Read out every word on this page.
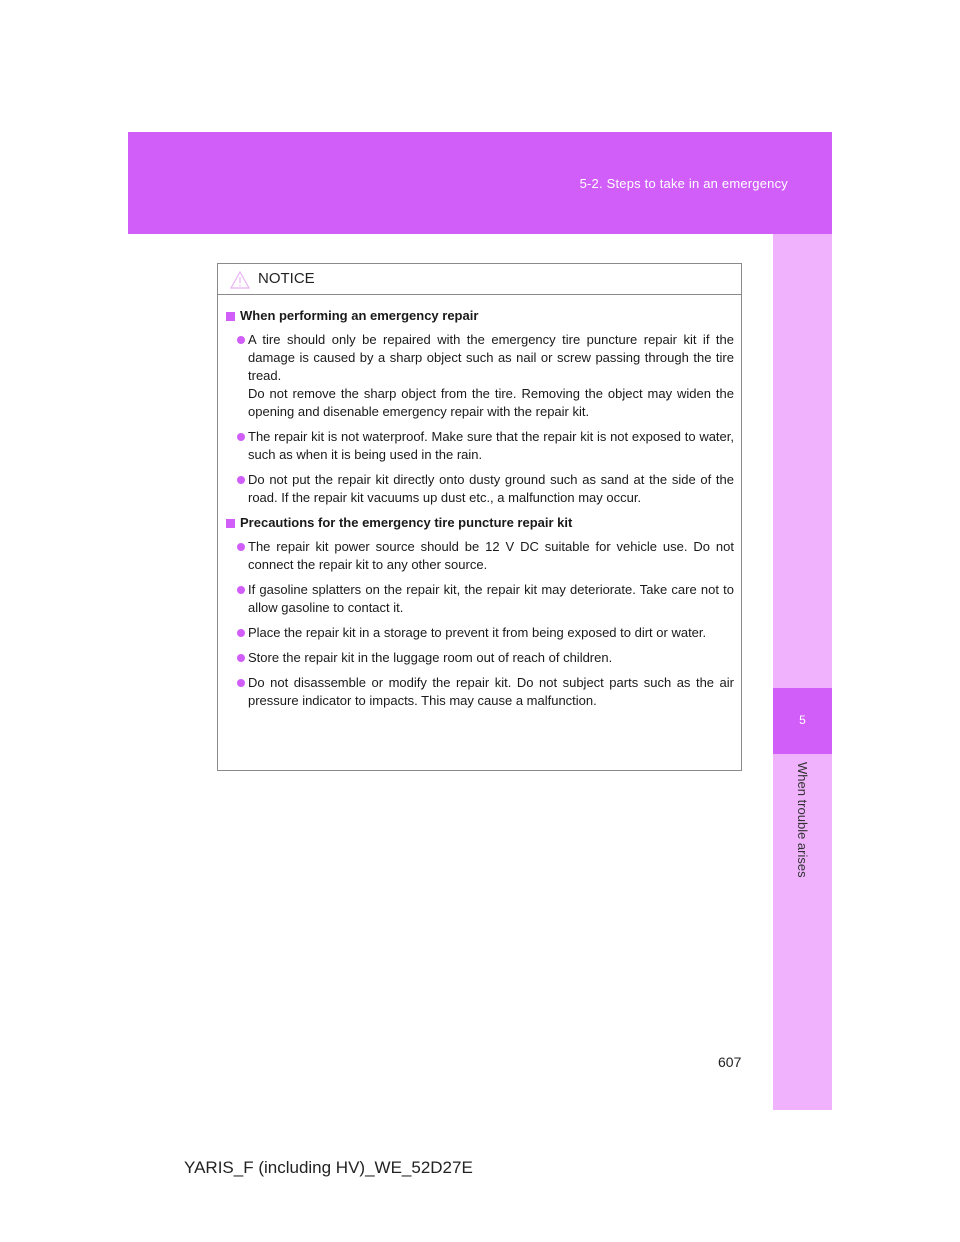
5-2. Steps to take in an emergency
5
When trouble arises
NOTICE
When performing an emergency repair

A tire should only be repaired with the emergency tire puncture repair kit if the damage is caused by a sharp object such as nail or screw passing through the tire tread.

Do not remove the sharp object from the tire. Removing the object may widen the opening and disenable emergency repair with the repair kit.

The repair kit is not waterproof. Make sure that the repair kit is not exposed to water, such as when it is being used in the rain.

Do not put the repair kit directly onto dusty ground such as sand at the side of the road. If the repair kit vacuums up dust etc., a malfunction may occur.

Precautions for the emergency tire puncture repair kit

The repair kit power source should be 12 V DC suitable for vehicle use. Do not connect the repair kit to any other source.

If gasoline splatters on the repair kit, the repair kit may deteriorate. Take care not to allow gasoline to contact it.

Place the repair kit in a storage to prevent it from being exposed to dirt or water.

Store the repair kit in the luggage room out of reach of children.

Do not disassemble or modify the repair kit. Do not subject parts such as the air pressure indicator to impacts. This may cause a malfunction.

607
YARIS_F (including HV)_WE_52D27E
